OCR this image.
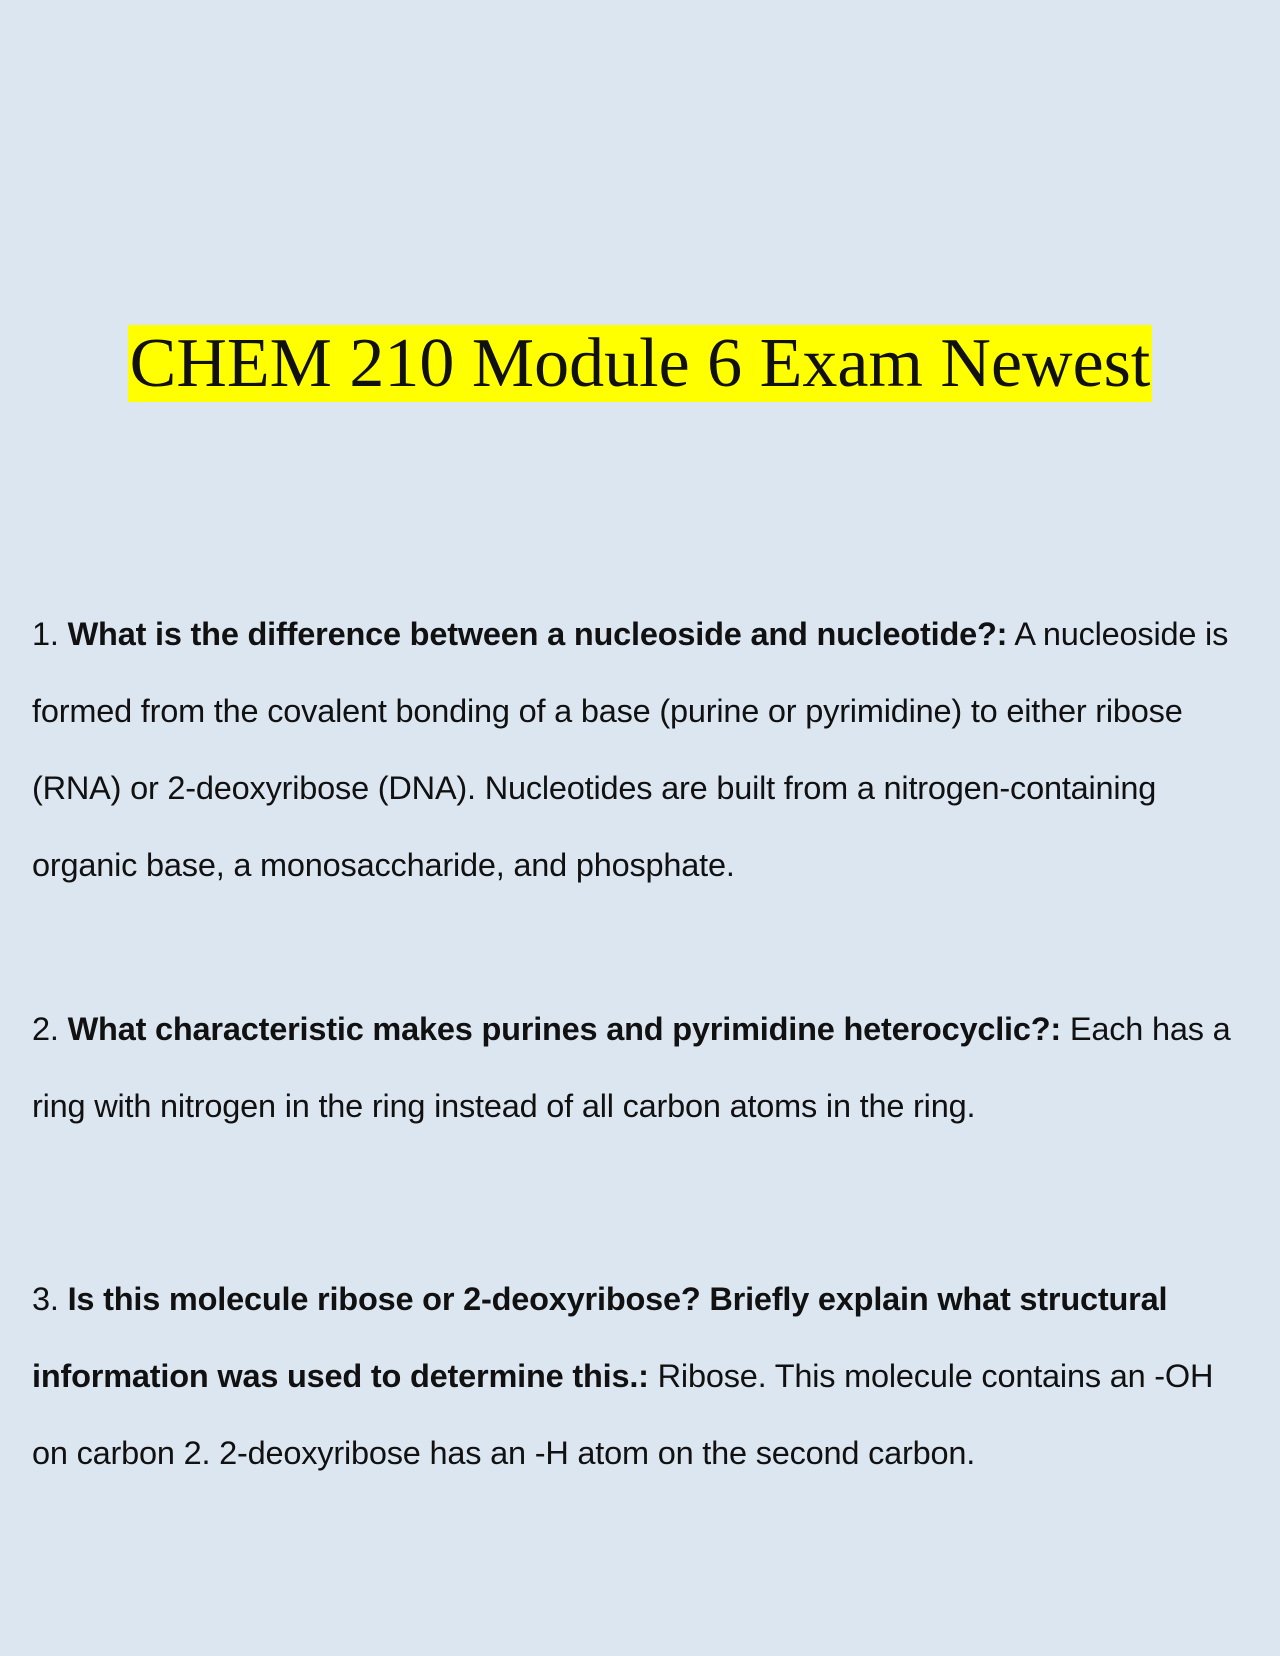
CHEM 210 Module 6 Exam Newest
1. What is the difference between a nucleoside and nucleotide?: A nucleoside is formed from the covalent bonding of a base (purine or pyrimidine) to either ribose (RNA) or 2-deoxyribose (DNA). Nucleotides are built from a nitrogen-containing organic base, a monosaccharide, and phosphate.
2. What characteristic makes purines and pyrimidine heterocyclic?: Each has a ring with nitrogen in the ring instead of all carbon atoms in the ring.
3. Is this molecule ribose or 2-deoxyribose? Briefly explain what structural information was used to determine this.: Ribose. This molecule contains an -OH on carbon 2. 2-deoxyribose has an -H atom on the second carbon.
